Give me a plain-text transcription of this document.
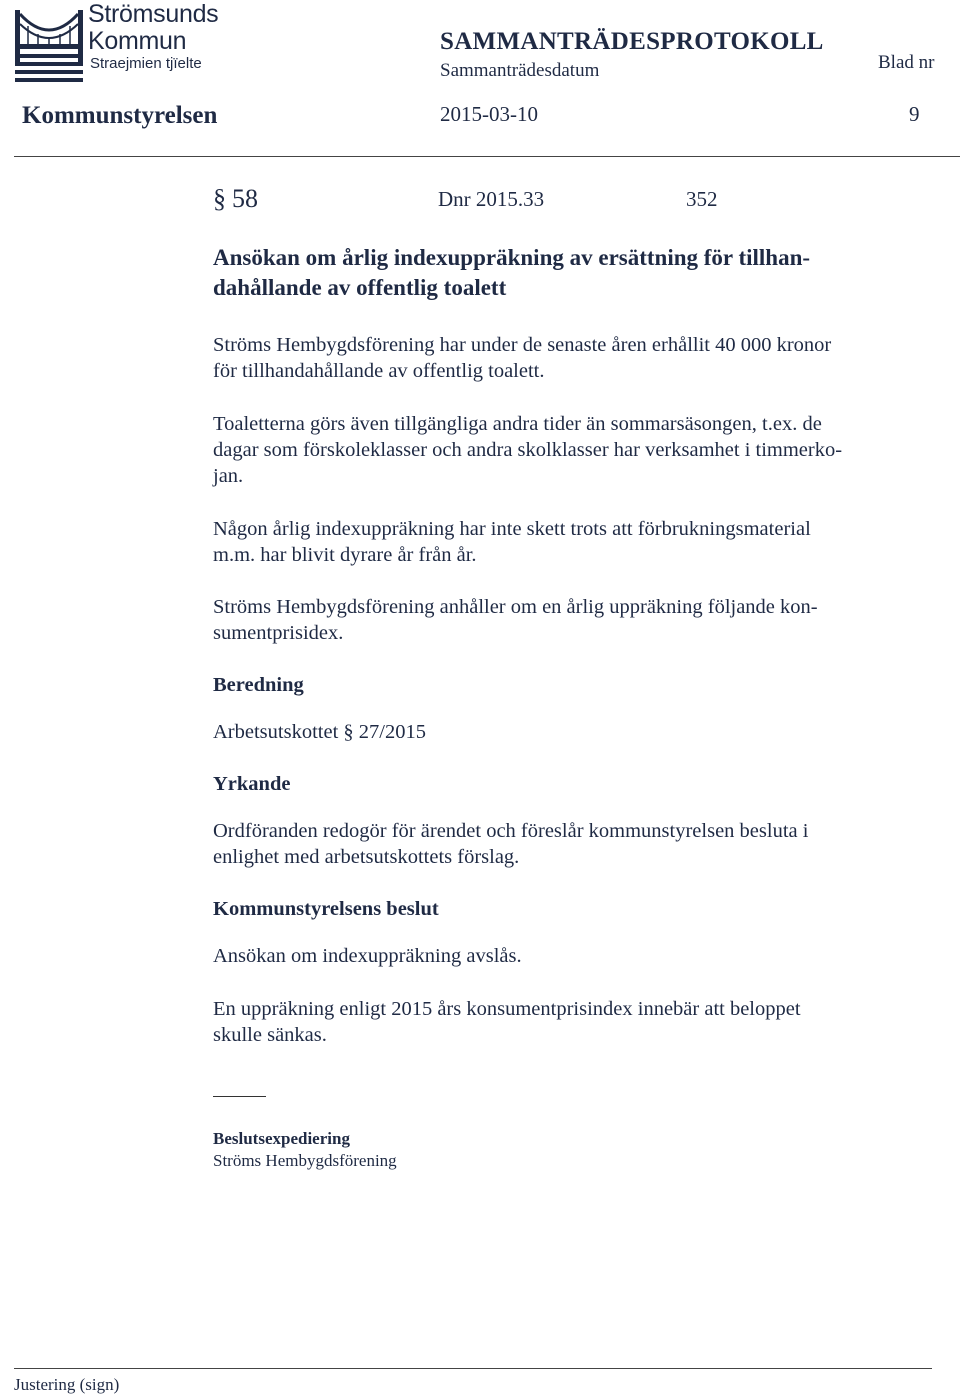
Strömsunds
Kommun
Straejmien tjïelte
SAMMANTRÄDESPROTOKOLL
Sammanträdesdatum	Blad nr
Kommunstyrelsen	2015-03-10	9
§ 58	Dnr 2015.33	352
Ansökan om årlig indexuppräkning av ersättning för tillhan-
dahållande av offentlig toalett
Ströms Hembygdsförening har under de senaste åren erhållit 40 000 kronor
för tillhandahållande av offentlig toalett.
Toaletterna görs även tillgängliga andra tider än sommarsäsongen, t.ex. de
dagar som förskoleklasser och andra skolklasser har verksamhet i timmerko-
jan.
Någon årlig indexuppräkning har inte skett trots att förbrukningsmaterial
m.m. har blivit dyrare år från år.
Ströms Hembygdsförening anhåller om en årlig uppräkning följande kon-
sumentprisidex.
Beredning
Arbetsutskottet § 27/2015
Yrkande
Ordföranden redogör för ärendet och föreslår kommunstyrelsen besluta i
enlighet med arbetsutskottets förslag.
Kommunstyrelsens beslut
Ansökan om indexuppräkning avslås.
En uppräkning enligt 2015 års konsumentprisindex innebär att beloppet
skulle sänkas.
Beslutsexpediering
Ströms Hembygdsförening
Justering (sign)
